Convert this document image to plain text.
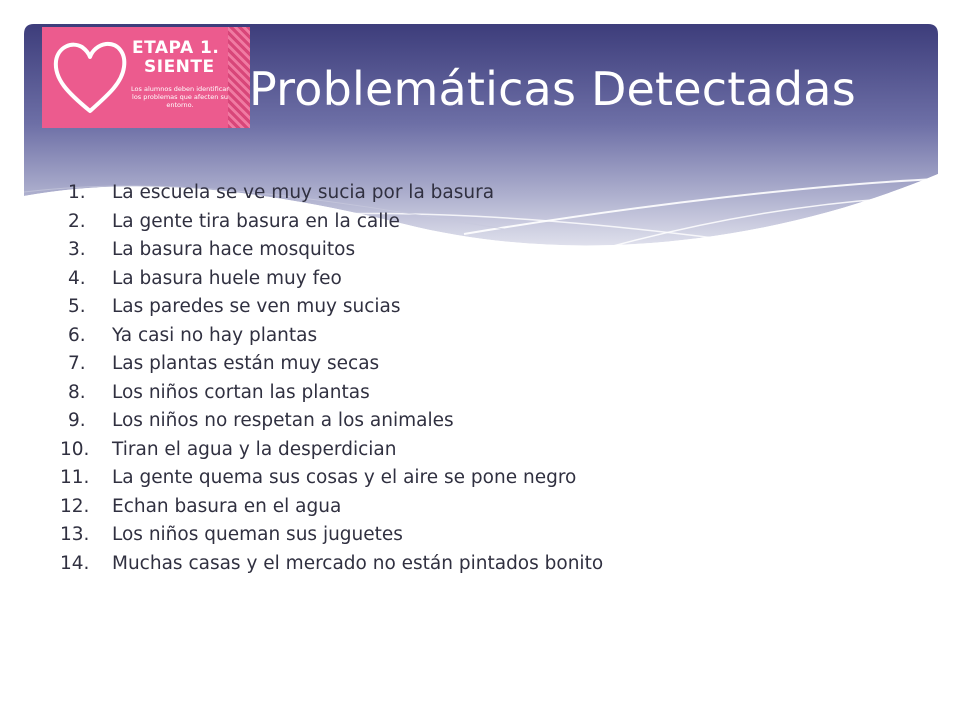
ETAPA 1.
SIENTE
Los alumnos deben identificar los problemas que afecten su entorno.	Problemáticas Detectadas
1.	La escuela se ve muy sucia por la basura
2.	La gente tira basura en la calle
3.	La basura hace mosquitos
4.	La basura huele muy feo
5.	Las paredes se ven muy sucias
6.	Ya casi no hay plantas
7.	Las plantas están muy secas
8.	Los niños cortan las plantas
9.	Los niños no respetan a los animales
10.	Tiran el agua y la desperdician
11.	La gente quema sus cosas y el aire se pone negro
12.	Echan basura en el agua
13.	Los niños queman sus juguetes
14.	Muchas casas y el mercado no están pintados bonito
